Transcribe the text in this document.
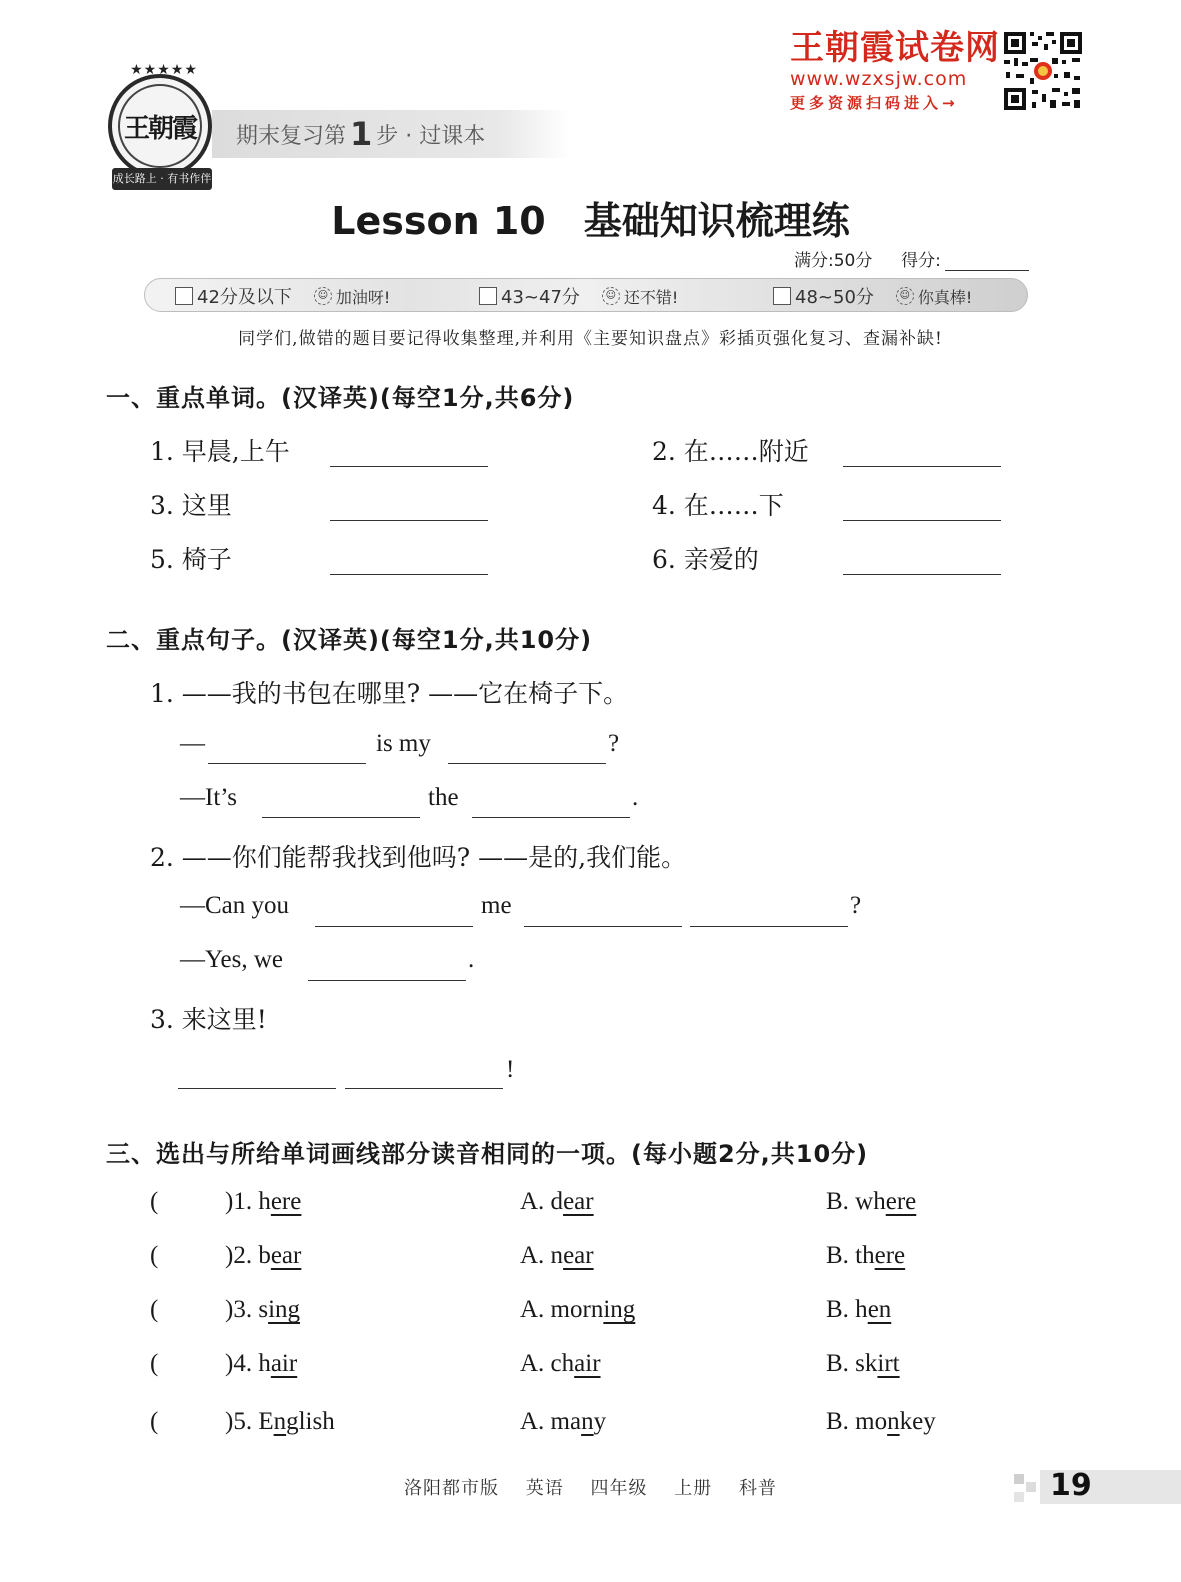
★★★★★
王朝霞
成长路上 · 有书作伴
期末复习第 1 步 · 过课本
王朝霞试卷网
www.wzxsjw.com
更多资源扫码进入→
Lesson 10 基础知识梳理练
满分:50分 得分:
42分及以下	☺ 加油呀!	43~47分	☺ 还不错!	48~50分	☺ 你真棒!
同学们,做错的题目要记得收集整理,并利用《主要知识盘点》彩插页强化复习、查漏补缺!
一、重点单词。(汉译英)(每空1分,共6分)
1. 早晨,上午	2. 在……附近
3. 这里	4. 在……下
5. 椅子	6. 亲爱的
二、重点句子。(汉译英)(每空1分,共10分)
1. ——我的书包在哪里? ——它在椅子下。
—	is my	?
—It’s	the	.
2. ——你们能帮我找到他吗? ——是的,我们能。
—Can you	me	?
—Yes, we	.
3. 来这里!
!
三、选出与所给单词画线部分读音相同的一项。(每小题2分,共10分)
(	)1. here	A. dear	B. where
(	)2. bear	A. near	B. there
(	)3. sing	A. morning	B. hen
(	)4. hair	A. chair	B. skirt
(	)5. English	A. many	B. monkey
洛阳都市版 英语 四年级 上册 科普	19
